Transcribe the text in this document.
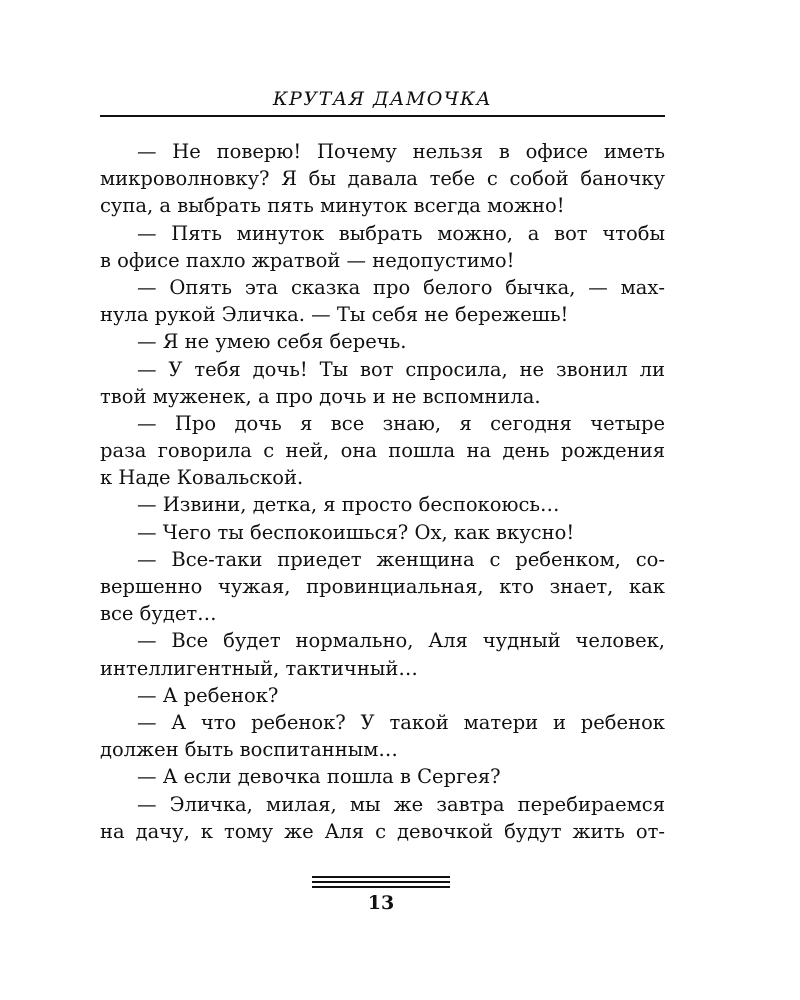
КРУТАЯ ДАМОЧКА
— Не поверю! Почему нельзя в офисе иметь
микроволновку? Я бы давала тебе с собой баночку
супа, а выбрать пять минуток всегда можно!
— Пять минуток выбрать можно, а вот чтобы
в офисе пахло жратвой — недопустимо!
— Опять эта сказка про белого бычка, — мах-
нула рукой Эличка. — Ты себя не бережешь!
— Я не умею себя беречь.
— У тебя дочь! Ты вот спросила, не звонил ли
твой муженек, а про дочь и не вспомнила.
— Про дочь я все знаю, я сегодня четыре
раза говорила с ней, она пошла на день рождения
к Наде Ковальской.
— Извини, детка, я просто беспокоюсь…
— Чего ты беспокоишься? Ох, как вкусно!
— Все-таки приедет женщина с ребенком, со-
вершенно чужая, провинциальная, кто знает, как
все будет…
— Все будет нормально, Аля чудный человек,
интеллигентный, тактичный…
— А ребенок?
— А что ребенок? У такой матери и ребенок
должен быть воспитанным…
— А если девочка пошла в Сергея?
— Эличка, милая, мы же завтра перебираемся
на дачу, к тому же Аля с девочкой будут жить от-
13
